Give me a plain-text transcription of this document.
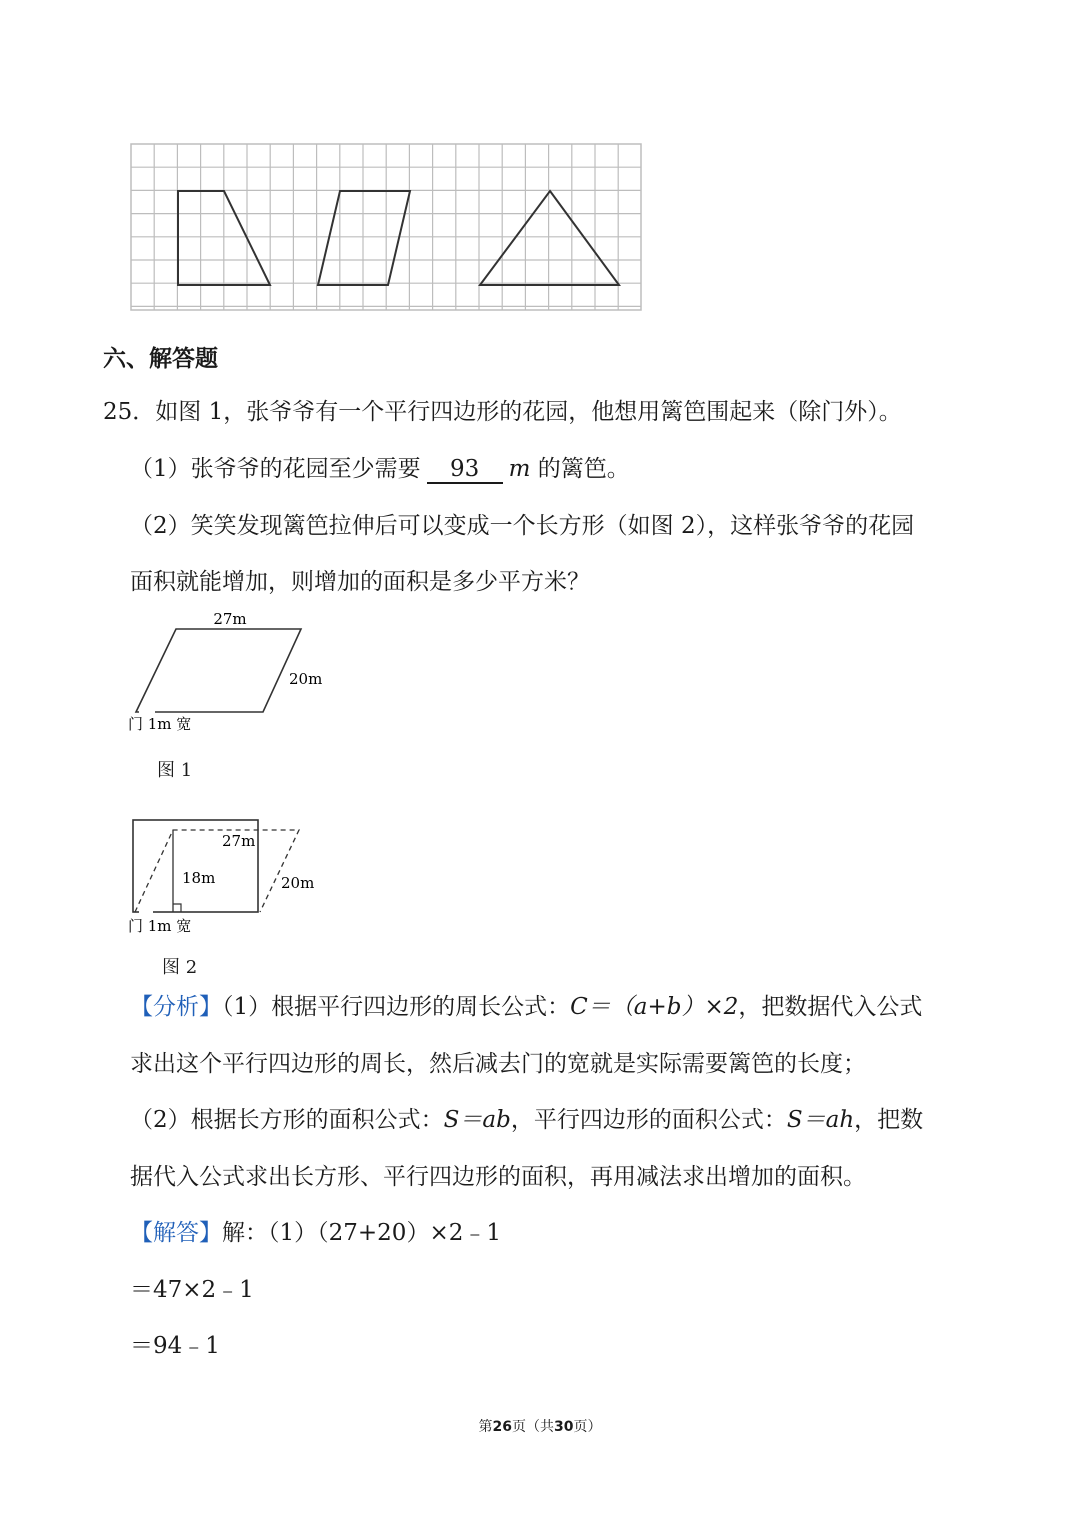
六、解答题
25．如图 1，张爷爷有一个平行四边形的花园，他想用篱笆围起来（除门外）。
（1）张爷爷的花园至少需要 93 m 的篱笆。
（2）笑笑发现篱笆拉伸后可以变成一个长方形（如图 2），这样张爷爷的花园
面积就能增加，则增加的面积是多少平方米？
27m
20m
门 1m 宽
图 1
27m
18m	20m
门 1m 宽
图 2
【分析】（1）根据平行四边形的周长公式：C＝（a+b）×2，把数据代入公式
求出这个平行四边形的周长，然后减去门的宽就是实际需要篱笆的长度；
（2）根据长方形的面积公式：S＝ab，平行四边形的面积公式：S＝ah，把数
据代入公式求出长方形、平行四边形的面积，再用减法求出增加的面积。
【解答】解：（1）（27+20）×2﹣1
＝47×2﹣1
＝94﹣1
第26页（共30页）
